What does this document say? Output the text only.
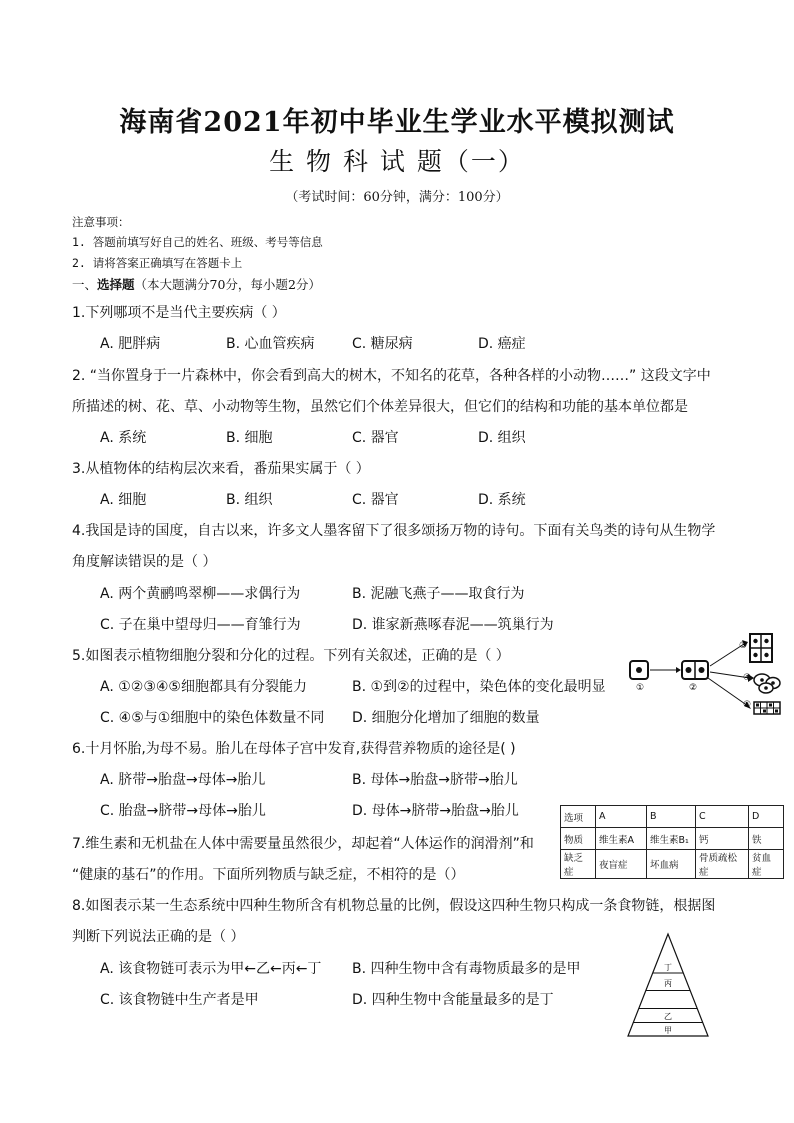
海南省2021年初中毕业生学业水平模拟测试
生 物 科 试 题（一）
（考试时间：60分钟，满分：100分）
注意事项：
1. 答题前填写好自己的姓名、班级、考号等信息
2. 请将答案正确填写在答题卡上
一、选择题（本大题满分70分，每小题2分）
1.下列哪项不是当代主要疾病（ ）
A. 肥胖病	B. 心血管疾病	C. 糖尿病	D. 癌症
2. “当你置身于一片森林中，你会看到高大的树木，不知名的花草，各种各样的小动物……” 这段文字中
所描述的树、花、草、小动物等生物，虽然它们个体差异很大，但它们的结构和功能的基本单位都是
A. 系统	B. 细胞	C. 器官	D. 组织
3.从植物体的结构层次来看，番茄果实属于（ ）
A. 细胞	B. 组织	C. 器官	D. 系统
4.我国是诗的国度，自古以来，许多文人墨客留下了很多颂扬万物的诗句。下面有关鸟类的诗句从生物学
角度解读错误的是（ ）
A. 两个黄鹂鸣翠柳——求偶行为	B. 泥融飞燕子——取食行为
C. 子在巢中望母归——育雏行为	D. 谁家新燕啄春泥——筑巢行为
5.如图表示植物细胞分裂和分化的过程。下列有关叙述，正确的是（ ）
A. ①②③④⑤细胞都具有分裂能力	B. ①到②的过程中，染色体的变化最明显
C. ④⑤与①细胞中的染色体数量不同 D. 细胞分化增加了细胞的数量
①	②
③
④
⑤
6.十月怀胎,为母不易。胎儿在母体子宫中发育,获得营养物质的途径是( )
A. 脐带→胎盘→母体→胎儿	B. 母体→胎盘→脐带→胎儿
C. 胎盘→脐带→母体→胎儿	D. 母体→脐带→胎盘→胎儿	选项	A	B	C	D
物质	维生素A	维生素B₁	钙	铁
缺乏症	夜盲症	坏血病	骨质疏松症	贫血症
7.维生素和无机盐在人体中需要量虽然很少，却起着“人体运作的润滑剂”和
“健康的基石”的作用。下面所列物质与缺乏症，不相符的是（）
8.如图表示某一生态系统中四种生物所含有机物总量的比例，假设这四种生物只构成一条食物链，根据图
判断下列说法正确的是（ ）
A. 该食物链可表示为甲←乙←丙←丁 B. 四种生物中含有毒物质最多的是甲
C. 该食物链中生产者是甲	D. 四种生物中含能量最多的是丁
丁
丙
乙
甲
